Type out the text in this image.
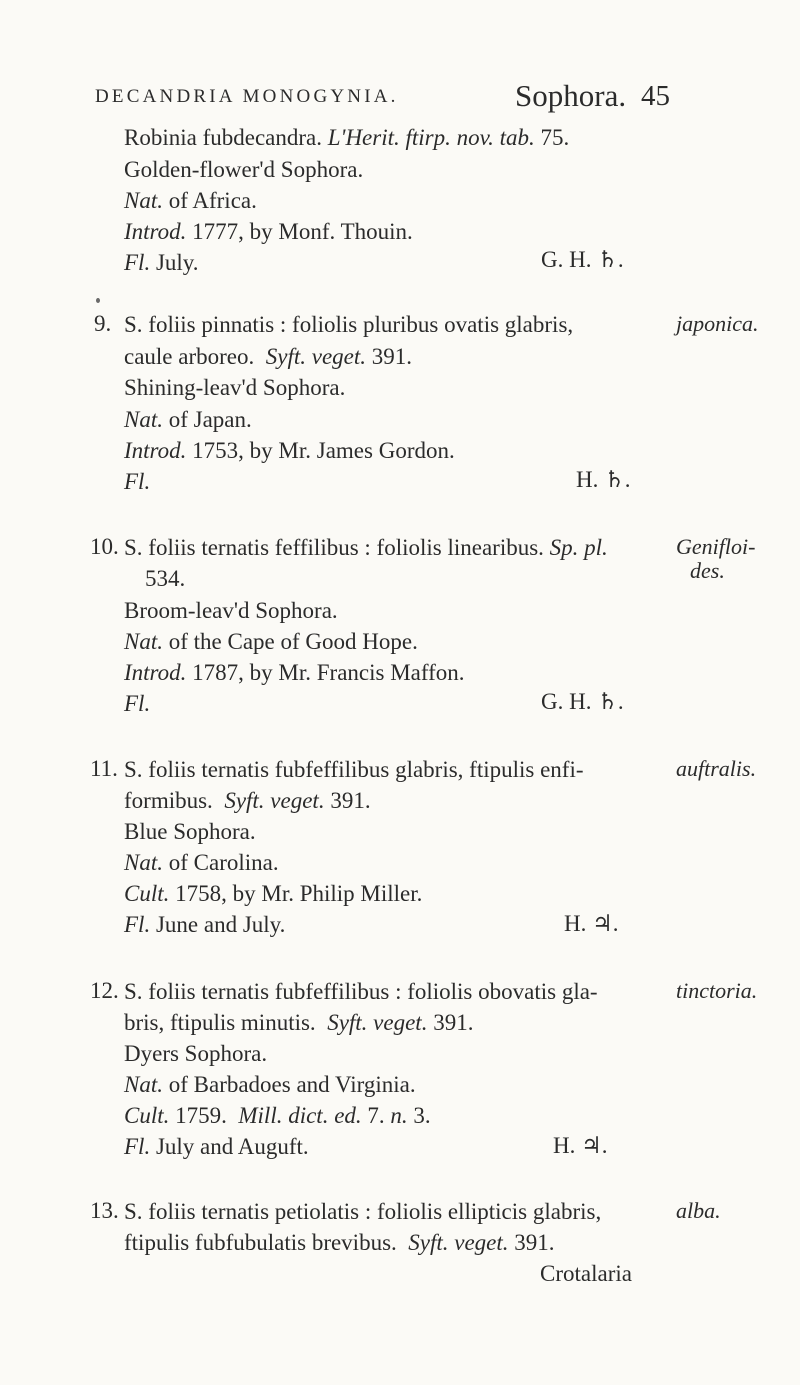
DECANDRIA MONOGYNIA.	Sophora. 45
Robinia fubdecandra. L'Herit. ftirp. nov. tab. 75.
Golden-flower'd Sophora.
Nat. of Africa.
Introd. 1777, by Monf. Thouin.
Fl. July.	G. H. ♄.
9. S. foliis pinnatis : foliolis pluribus ovatis glabris,	japonica.
caule arboreo. Syft. veget. 391.
Shining-leav'd Sophora.
Nat. of Japan.
Introd. 1753, by Mr. James Gordon.
Fl.	H. ♄.
10. S. foliis ternatis feffilibus : foliolis linearibus. Sp. pl.	Genifloi-
des.
534.
Broom-leav'd Sophora.
Nat. of the Cape of Good Hope.
Introd. 1787, by Mr. Francis Maffon.
Fl.	G. H. ♄.
11. S. foliis ternatis fubfeffilibus glabris, ftipulis enfi-	auftralis.
formibus. Syft. veget. 391.
Blue Sophora.
Nat. of Carolina.
Cult. 1758, by Mr. Philip Miller.
Fl. June and July.	H. ♃.
12. S. foliis ternatis fubfeffilibus : foliolis obovatis gla-	tinctoria.
bris, ftipulis minutis. Syft. veget. 391.
Dyers Sophora.
Nat. of Barbadoes and Virginia.
Cult. 1759. Mill. dict. ed. 7. n. 3.
Fl. July and Auguft.	H. ♃.
13. S. foliis ternatis petiolatis : foliolis ellipticis glabris,	alba.
ftipulis fubfubulatis brevibus. Syft. veget. 391.
Crotalaria
